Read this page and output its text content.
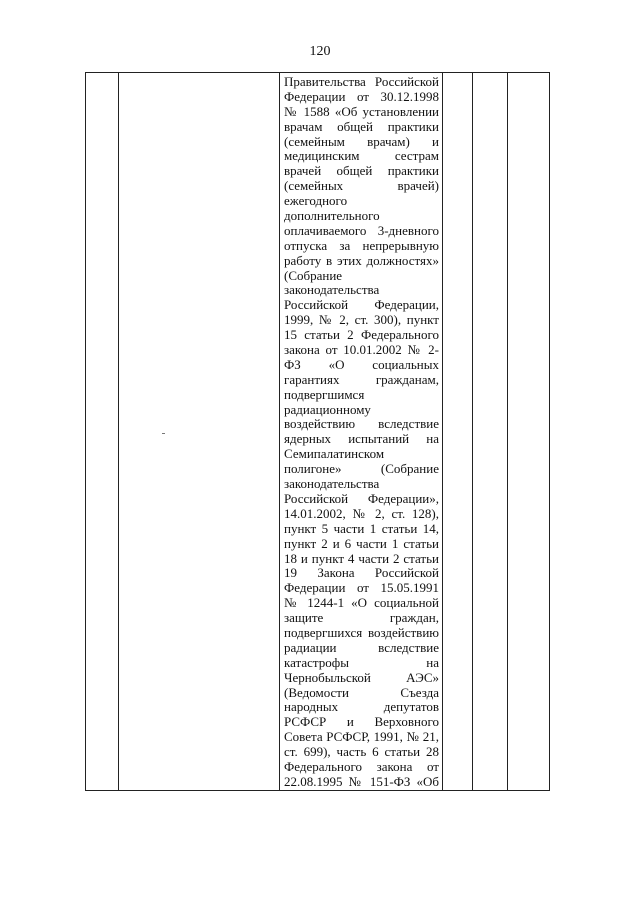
120

Правительства Российской
Федерации от 30.12.1998
№ 1588 «Об установлении
врачам общей практики
(семейным врачам) и
медицинским сестрам
врачей общей практики
(семейных врачей)
ежегодного
дополнительного
оплачиваемого 3-дневного
отпуска за непрерывную
работу в этих должностях»
(Собрание
законодательства
Российской Федерации,
1999, № 2, ст. 300), пункт
15 статьи 2 Федерального
закона от 10.01.2002 № 2-
ФЗ «О социальных
гарантиях гражданам,
подвергшимся
радиационному
воздействию вследствие
ядерных испытаний на
Семипалатинском
полигоне» (Собрание
законодательства
Российской Федерации»,
14.01.2002, № 2, ст. 128),
пункт 5 части 1 статьи 14,
пункт 2 и 6 части 1 статьи
18 и пункт 4 части 2 статьи
19 Закона Российской
Федерации от 15.05.1991
№ 1244-1 «О социальной
защите граждан,
подвергшихся воздействию
радиации вследствие
катастрофы на
Чернобыльской АЭС»
(Ведомости Съезда
народных депутатов
РСФСР и Верховного
Совета РСФСР, 1991, № 21,
ст. 699), часть 6 статьи 28
Федерального закона от
22.08.1995 № 151-ФЗ «Об
